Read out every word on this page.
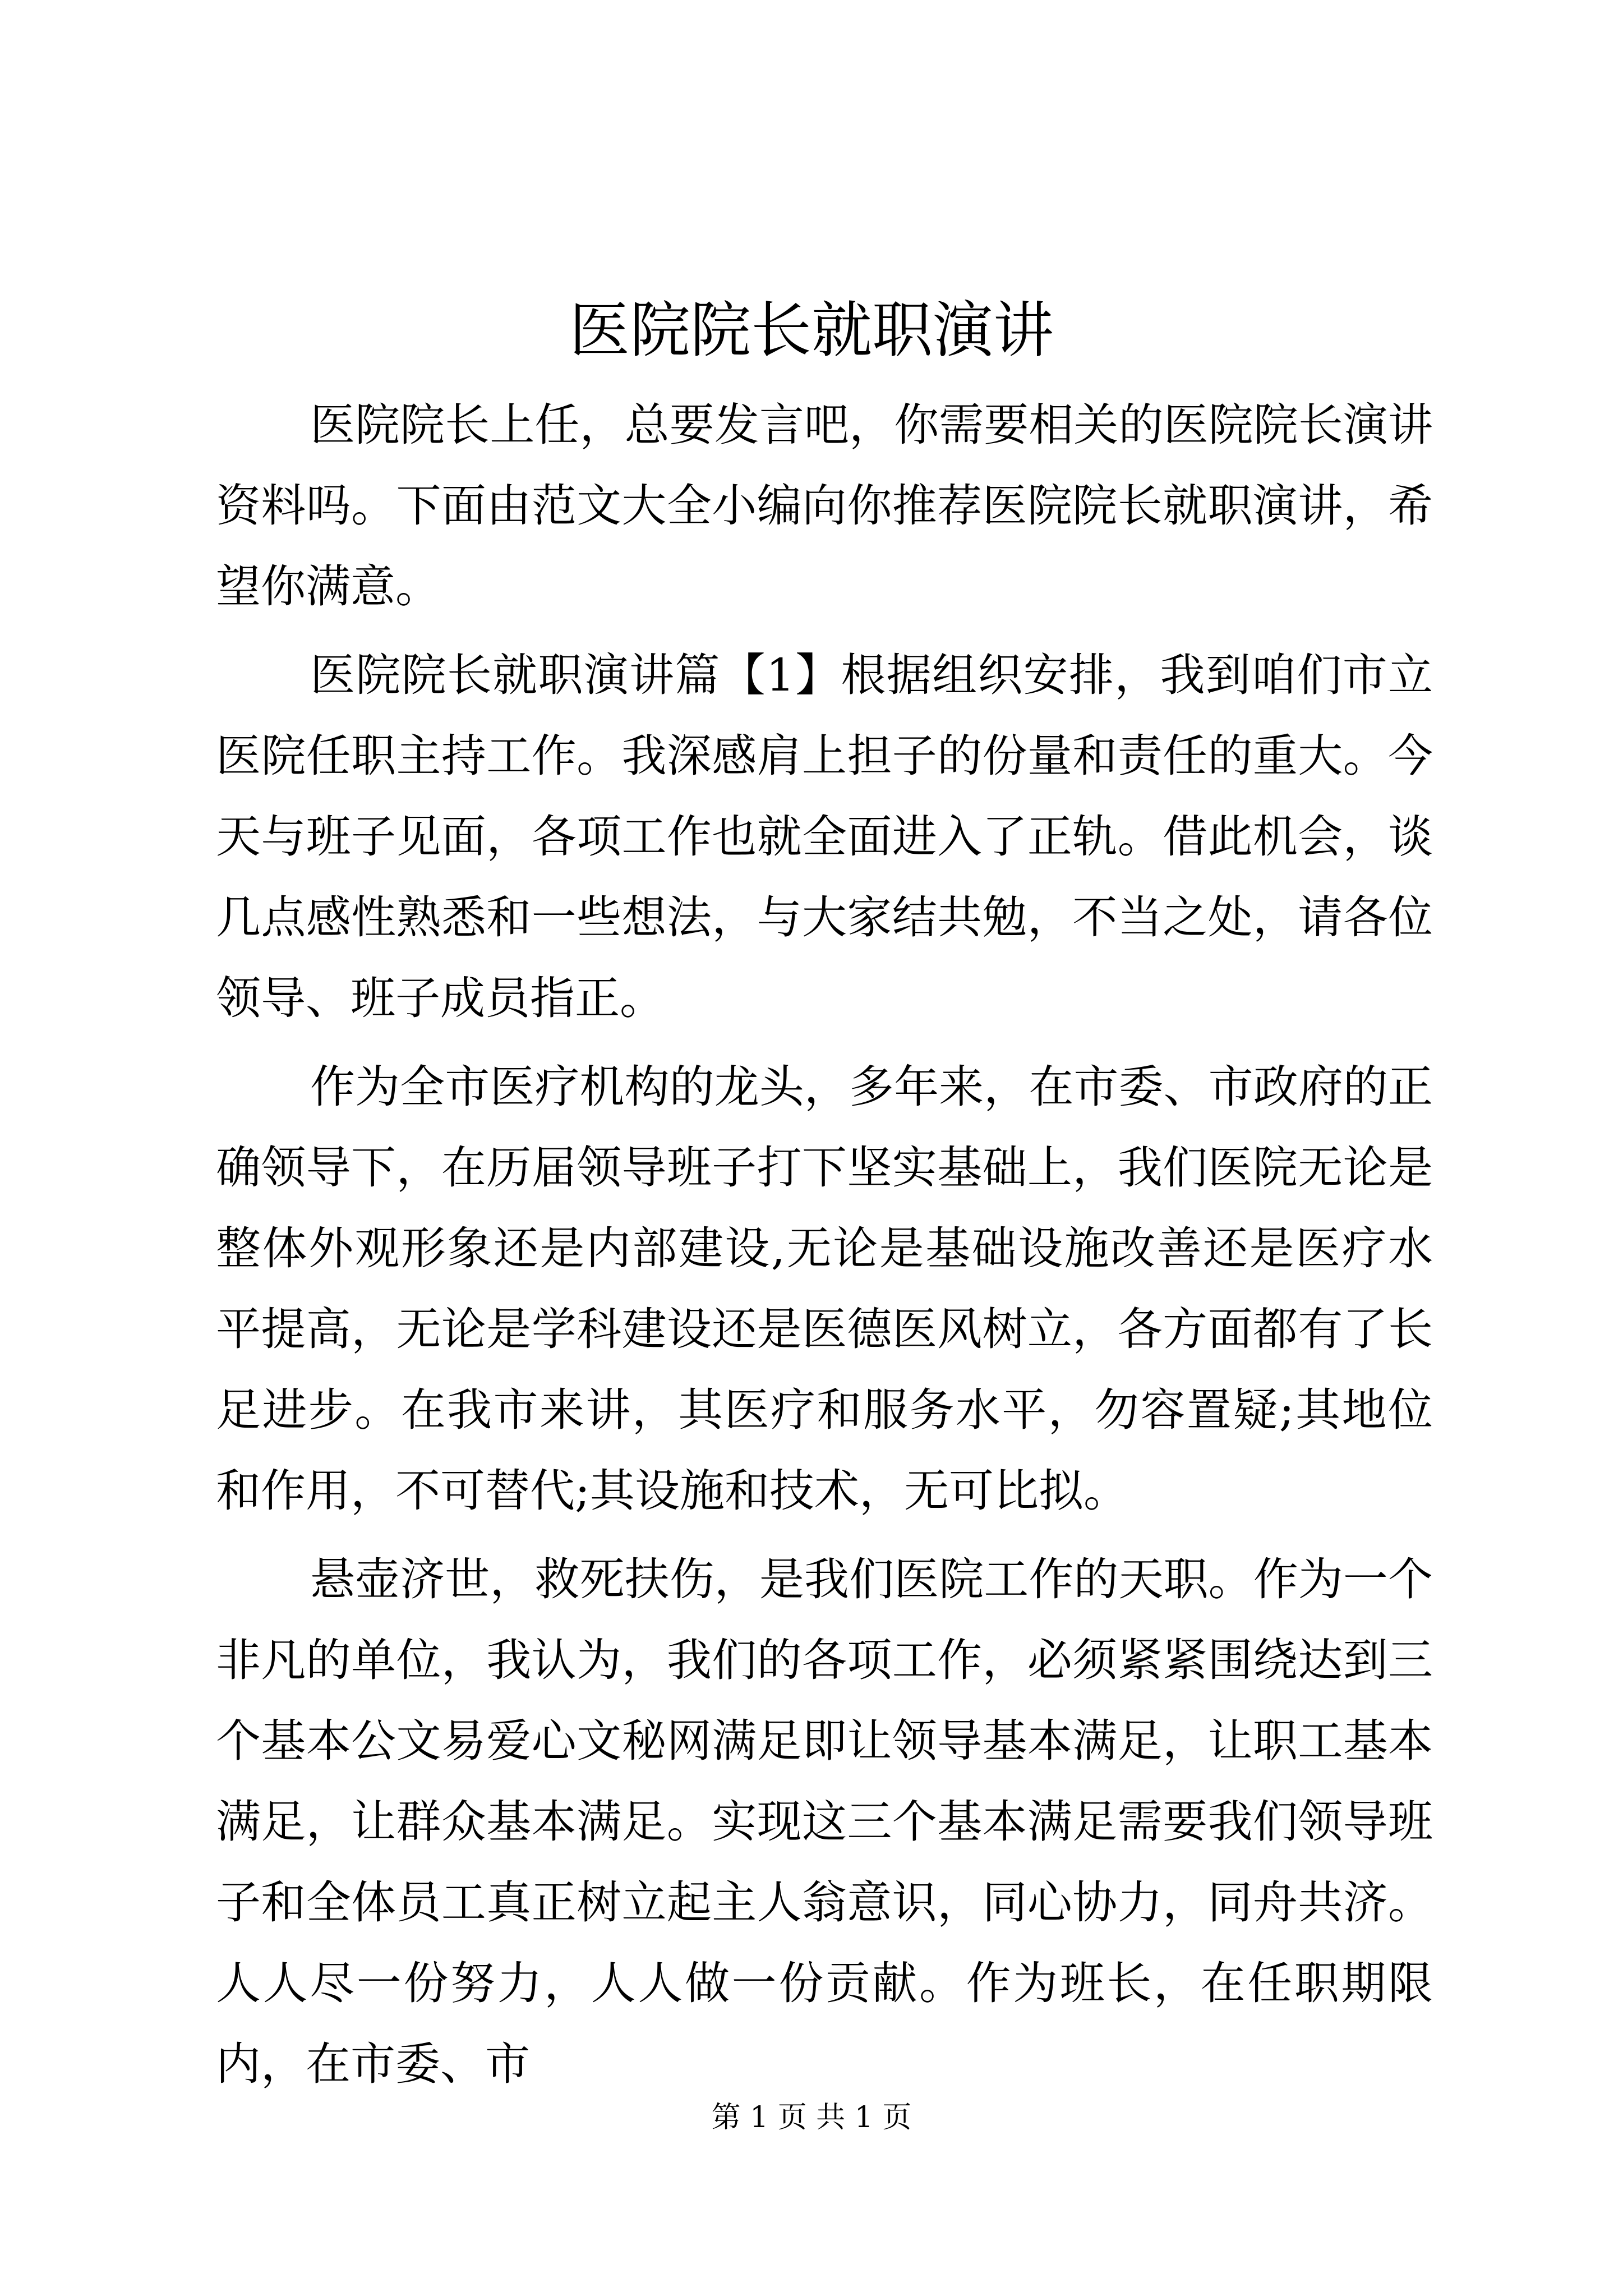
医院院长就职演讲

医院院长上任，总要发言吧，你需要相关的医院院长演讲资料吗。下面由范文大全小编向你推荐医院院长就职演讲，希望你满意。

医院院长就职演讲篇【1】根据组织安排，我到咱们市立医院任职主持工作。我深感肩上担子的份量和责任的重大。今天与班子见面，各项工作也就全面进入了正轨。借此机会，谈几点感性熟悉和一些想法，与大家结共勉，不当之处，请各位领导、班子成员指正。

作为全市医疗机构的龙头，多年来，在市委、市政府的正确领导下，在历届领导班子打下坚实基础上，我们医院无论是整体外观形象还是内部建设,无论是基础设施改善还是医疗水平提高，无论是学科建设还是医德医风树立，各方面都有了长足进步。在我市来讲，其医疗和服务水平，勿容置疑;其地位和作用，不可替代;其设施和技术，无可比拟。

悬壶济世，救死扶伤，是我们医院工作的天职。作为一个非凡的单位，我认为，我们的各项工作，必须紧紧围绕达到三个基本公文易爱心文秘网满足即让领导基本满足，让职工基本满足，让群众基本满足。实现这三个基本满足需要我们领导班子和全体员工真正树立起主人翁意识，同心协力，同舟共济。人人尽一份努力，人人做一份贡献。作为班长，在任职期限内，在市委、市

第 1 页 共 1 页
